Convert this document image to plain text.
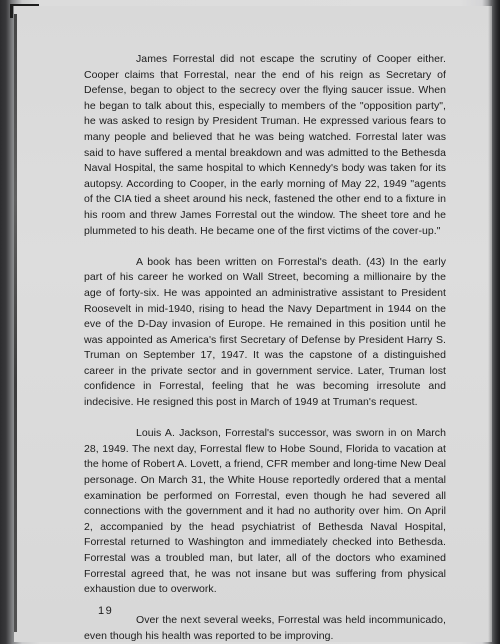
James Forrestal did not escape the scrutiny of Cooper either. Cooper claims that Forrestal, near the end of his reign as Secretary of Defense, began to object to the secrecy over the flying saucer issue. When he began to talk about this, especially to members of the "opposition party", he was asked to resign by President Truman. He expressed various fears to many people and believed that he was being watched. Forrestal later was said to have suffered a mental breakdown and was admitted to the Bethesda Naval Hospital, the same hospital to which Kennedy's body was taken for its autopsy. According to Cooper, in the early morning of May 22, 1949 "agents of the CIA tied a sheet around his neck, fastened the other end to a fixture in his room and threw James Forrestal out the window. The sheet tore and he plummeted to his death. He became one of the first victims of the cover-up."

A book has been written on Forrestal's death. (43) In the early part of his career he worked on Wall Street, becoming a millionaire by the age of forty-six. He was appointed an administrative assistant to President Roosevelt in mid-1940, rising to head the Navy Department in 1944 on the eve of the D-Day invasion of Europe. He remained in this position until he was appointed as America's first Secretary of Defense by President Harry S. Truman on September 17, 1947. It was the capstone of a distinguished career in the private sector and in government service. Later, Truman lost confidence in Forrestal, feeling that he was becoming irresolute and indecisive. He resigned this post in March of 1949 at Truman's request.

Louis A. Jackson, Forrestal's successor, was sworn in on March 28, 1949. The next day, Forrestal flew to Hobe Sound, Florida to vacation at the home of Robert A. Lovett, a friend, CFR member and long-time New Deal personage. On March 31, the White House reportedly ordered that a mental examination be performed on Forrestal, even though he had severed all connections with the government and it had no authority over him. On April 2, accompanied by the head psychiatrist of Bethesda Naval Hospital, Forrestal returned to Washington and immediately checked into Bethesda. Forrestal was a troubled man, but later, all of the doctors who examined Forrestal agreed that, he was not insane but was suffering from physical exhaustion due to overwork.

Over the next several weeks, Forrestal was held incommunicado, even though his health was reported to be improving.

19
